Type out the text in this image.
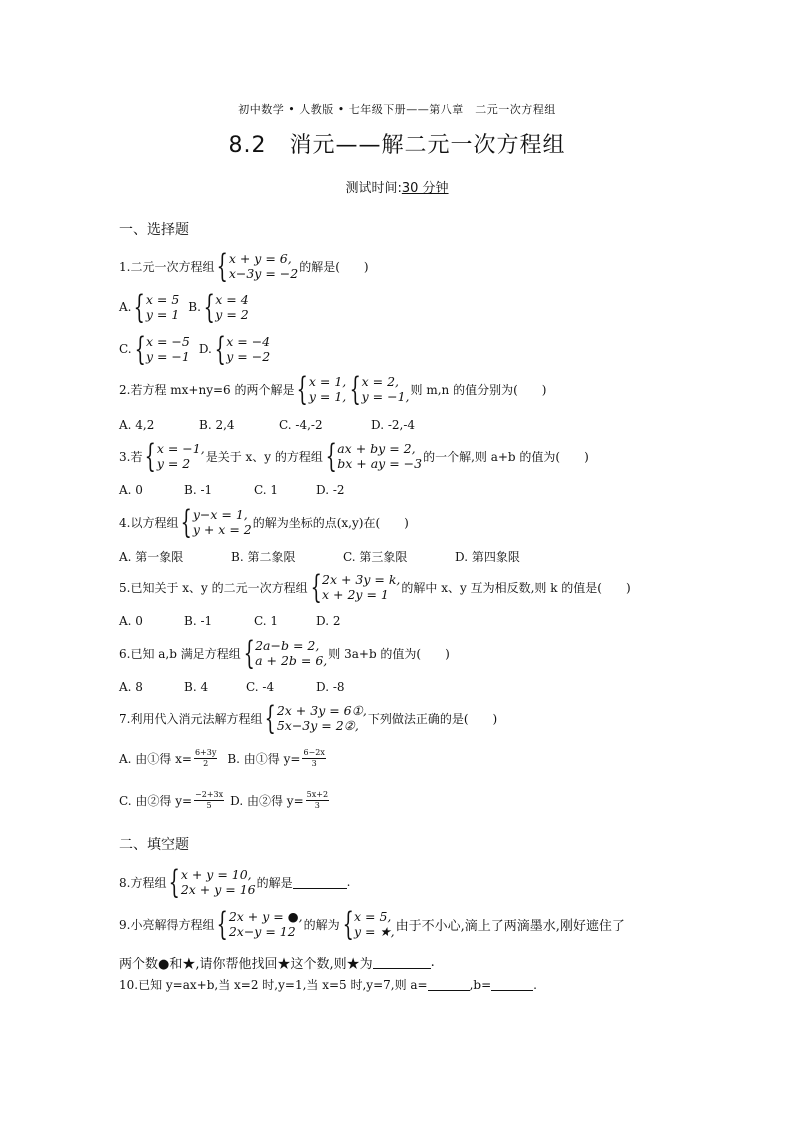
初中数学 • 人教版 • 七年级下册——第八章　二元一次方程组
8.2　消元——解二元一次方程组
测试时间:30 分钟
一、选择题
1.二元一次方程组 { x + y = 6,
x−3y = −2 的解是(　　)
A. { x = 5
y = 1 B. { x = 4
y = 2
C. { x = −5
y = −1 D. { x = −4
y = −2
2.若方程 mx+ny=6 的两个解是 { x = 1,
y = 1, { x = 2,
y = −1, 则 m,n 的值分别为(　　)
A. 4,2	B. 2,4	C. -4,-2	D. -2,-4
3.若 { x = −1,
y = 2	是关于 x、y 的方程组 { ax + by = 2,
bx + ay = −3 的一个解,则 a+b 的值为(　　)
A. 0	B. -1	C. 1	D. -2
4.以方程组 { y−x = 1,
y + x = 2 的解为坐标的点(x,y)在(　　)
A. 第一象限	B. 第二象限	C. 第三象限	D. 第四象限
5.已知关于 x、y 的二元一次方程组 { 2x + 3y = k,
x + 2y = 1	的解中 x、y 互为相反数,则 k 的值是(　　)
A. 0	B. -1	C. 1	D. 2
6.已知 a,b 满足方程组 { 2a−b = 2,
a + 2b = 6, 则 3a+b 的值为(　　)
A. 8	B. 4	C. -4	D. -8
7.利用代入消元法解方程组 { 2x + 3y = 6①,
5x−3y = 2②, 下列做法正确的是(　　)
A. 由①得 $x= \frac{6+3y}{2} B$. 由①得 $y= \frac{6-2x}{3}$
C. 由②得 $y= \frac{-2+3x}{5} D$. 由②得 $y= \frac{5x+2}{3}$
二、填空题
8.方程组 { x + y = 10,
2x + y = 16 的解是	.
9.小亮解得方程组 { 2x + y = ●,
2x−y = 12 的解为 { x = 5,
y = ★, 由于不小心,滴上了两滴墨水,刚好遮住了
两个数●和★,请你帮他找回★这个数,则★为	.
10.已知 y=ax+b,当 x=2 时,y=1,当 x=5 时,y=7,则 a=	,b=	.
